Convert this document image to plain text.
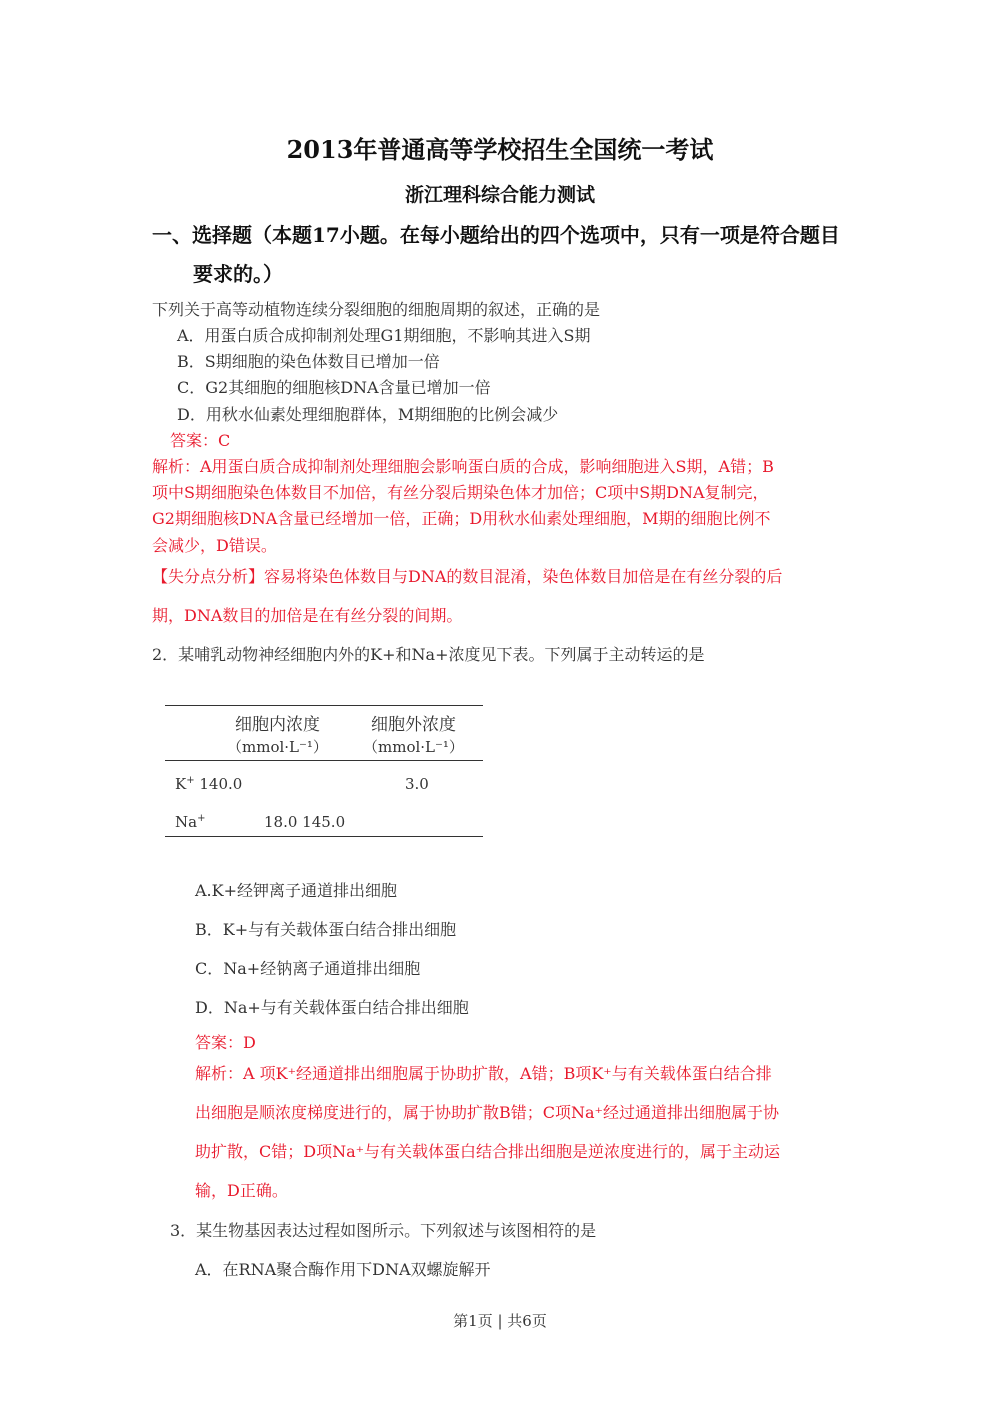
2013年普通高等学校招生全国统一考试
浙江理科综合能力测试
一、选择题（本题17小题。在每小题给出的四个选项中，只有一项是符合题目
要求的。）
下列关于高等动植物连续分裂细胞的细胞周期的叙述，正确的是
A．用蛋白质合成抑制剂处理G1期细胞，不影响其进入S期
B．S期细胞的染色体数目已增加一倍
C．G2其细胞的细胞核DNA含量已增加一倍
D．用秋水仙素处理细胞群体，M期细胞的比例会减少
答案：C
解析：A用蛋白质合成抑制剂处理细胞会影响蛋白质的合成，影响细胞进入S期，A错；B
项中S期细胞染色体数目不加倍，有丝分裂后期染色体才加倍；C项中S期DNA复制完，
G2期细胞核DNA含量已经增加一倍，正确；D用秋水仙素处理细胞，M期的细胞比例不
会减少，D错误。
【失分点分析】容易将染色体数目与DNA的数目混淆，染色体数目加倍是在有丝分裂的后
期，DNA数目的加倍是在有丝分裂的间期。
2．某哺乳动物神经细胞内外的K+和Na+浓度见下表。下列属于主动转运的是
细胞内浓度
（mmol·L⁻¹）
细胞外浓度
（mmol·L⁻¹）
K+ 140.0	3.0
Na+	18.0 145.0
A.K+经钾离子通道排出细胞
B．K+与有关载体蛋白结合排出细胞
C．Na+经钠离子通道排出细胞
D．Na+与有关载体蛋白结合排出细胞
答案：D
解析：A 项K⁺经通道排出细胞属于协助扩散，A错；B项K⁺与有关载体蛋白结合排
出细胞是顺浓度梯度进行的，属于协助扩散B错；C项Na⁺经过通道排出细胞属于协
助扩散，C错；D项Na⁺与有关载体蛋白结合排出细胞是逆浓度进行的，属于主动运
输，D正确。
3．某生物基因表达过程如图所示。下列叙述与该图相符的是
A．在RNA聚合酶作用下DNA双螺旋解开
第1页 | 共6页
